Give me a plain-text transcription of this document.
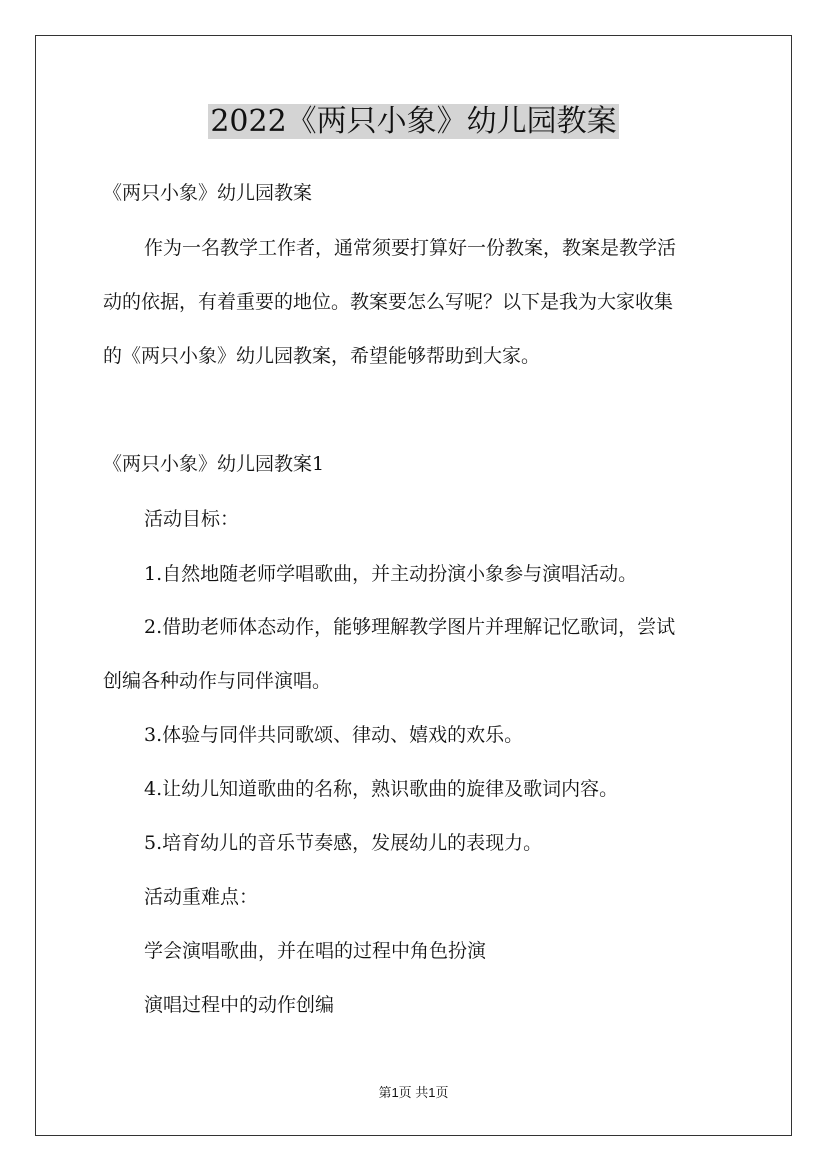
2022《两只小象》幼儿园教案
《两只小象》幼儿园教案
作为一名教学工作者，通常须要打算好一份教案，教案是教学活
动的依据，有着重要的地位。教案要怎么写呢？以下是我为大家收集
的《两只小象》幼儿园教案，希望能够帮助到大家。
《两只小象》幼儿园教案1
活动目标：
1.自然地随老师学唱歌曲，并主动扮演小象参与演唱活动。
2.借助老师体态动作，能够理解教学图片并理解记忆歌词，尝试
创编各种动作与同伴演唱。
3.体验与同伴共同歌颂、律动、嬉戏的欢乐。
4.让幼儿知道歌曲的名称，熟识歌曲的旋律及歌词内容。
5.培育幼儿的音乐节奏感，发展幼儿的表现力。
活动重难点：
学会演唱歌曲，并在唱的过程中角色扮演
演唱过程中的动作创编
第1页 共1页
